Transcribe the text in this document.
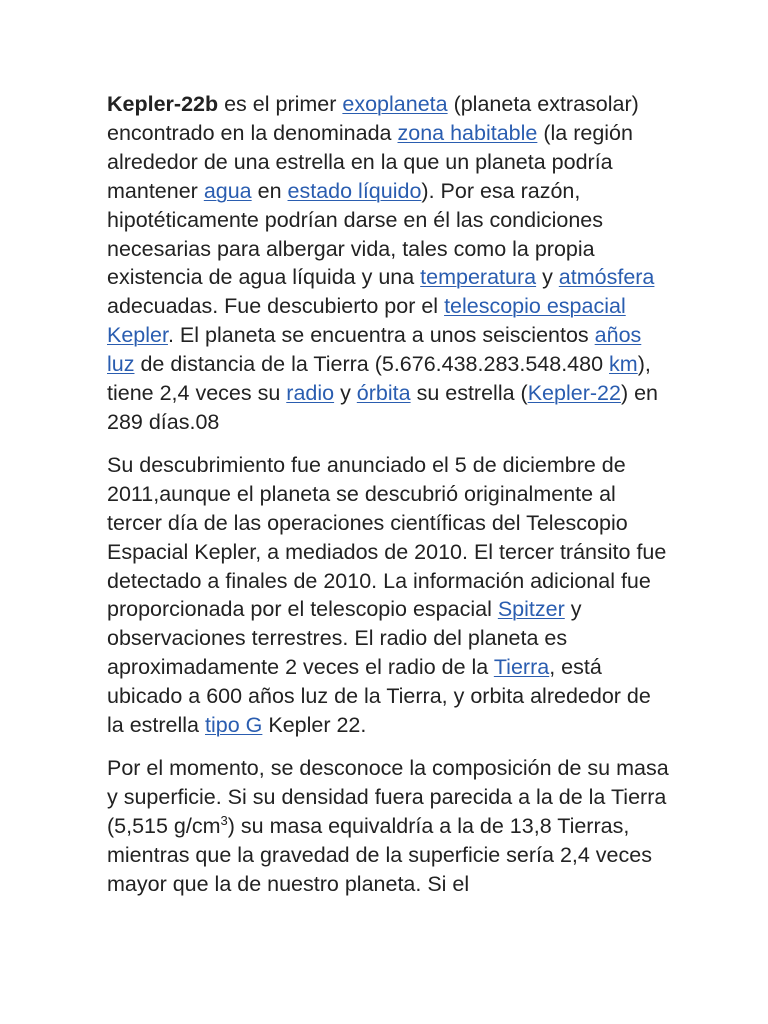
Kepler-22b es el primer exoplaneta (planeta extrasolar) encontrado en la denominada zona habitable (la región alrededor de una estrella en la que un planeta podría mantener agua en estado líquido). Por esa razón, hipotéticamente podrían darse en él las condiciones necesarias para albergar vida, tales como la propia existencia de agua líquida y una temperatura y atmósfera adecuadas. Fue descubierto por el telescopio espacial Kepler. El planeta se encuentra a unos seiscientos años luz de distancia de la Tierra (5.676.438.283.548.480 km), tiene 2,4 veces su radio y órbita su estrella (Kepler-22) en 289 días.08

Su descubrimiento fue anunciado el 5 de diciembre de 2011,aunque el planeta se descubrió originalmente al tercer día de las operaciones científicas del Telescopio Espacial Kepler, a mediados de 2010. El tercer tránsito fue detectado a finales de 2010. La información adicional fue proporcionada por el telescopio espacial Spitzer y observaciones terrestres. El radio del planeta es aproximadamente 2 veces el radio de la Tierra, está ubicado a 600 años luz de la Tierra, y orbita alrededor de la estrella tipo G Kepler 22.

Por el momento, se desconoce la composición de su masa y superficie. Si su densidad fuera parecida a la de la Tierra (5,515 $g/cm^3$) su masa equivaldría a la de 13,8 Tierras, mientras que la gravedad de la superficie sería 2,4 veces mayor que la de nuestro planeta. Si el
